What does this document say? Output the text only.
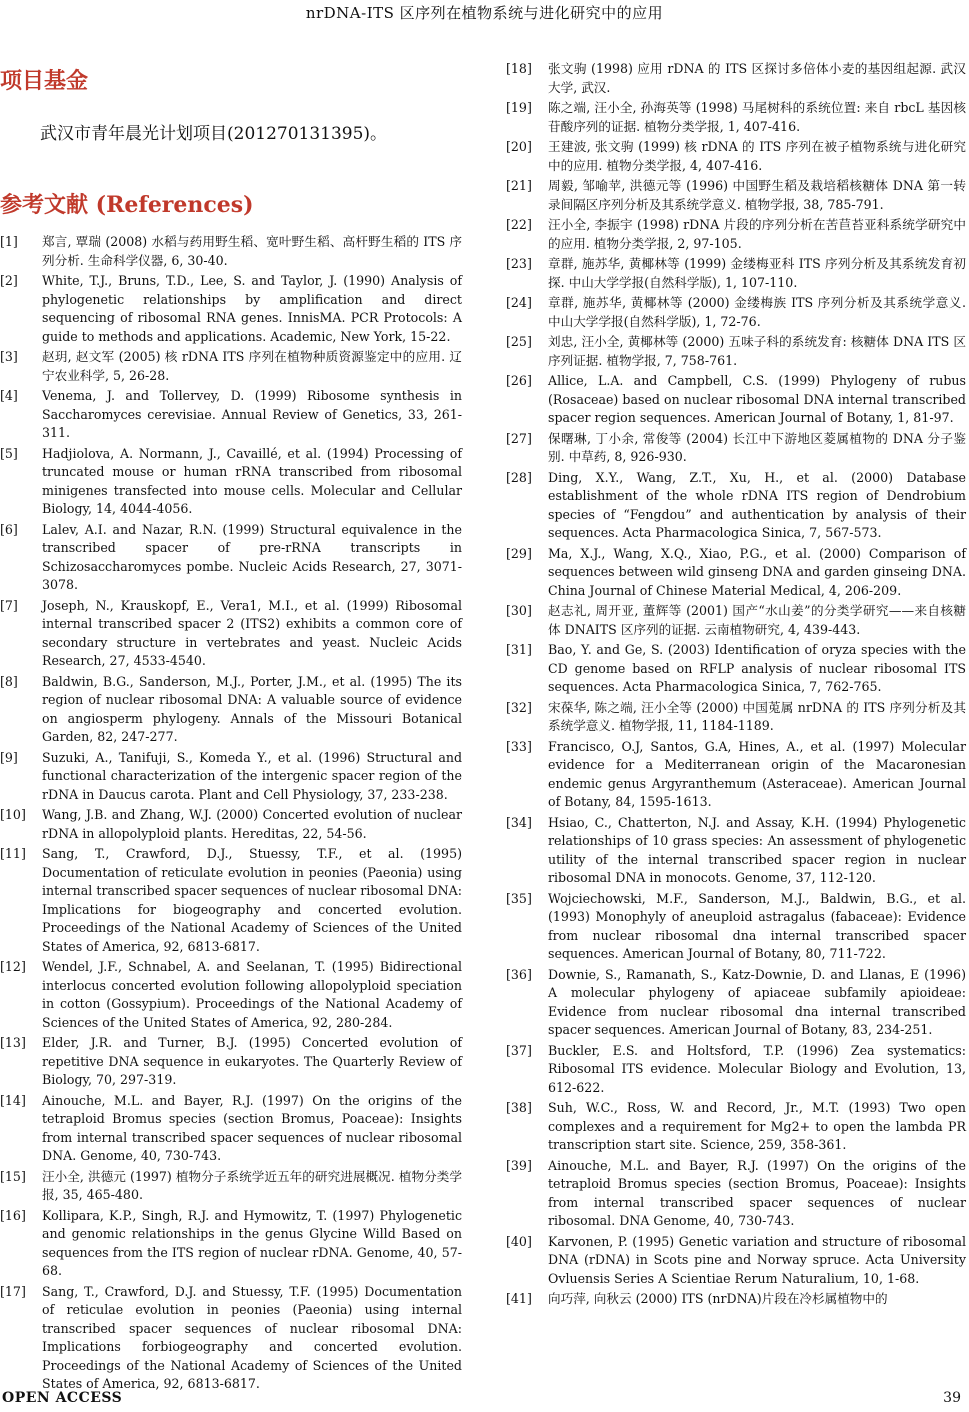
nrDNA-ITS 区序列在植物系统与进化研究中的应用
项目基金

武汉市青年晨光计划项目(201270131395)。

参考文献 (References)
[1]	郑言, 覃瑞 (2008) 水稻与药用野生稻、宽叶野生稻、高杆野生稻的 ITS 序列分析. 生命科学仪器, 6, 30-40.
[2]	White, T.J., Bruns, T.D., Lee, S. and Taylor, J. (1990) Analysis of phylogenetic relationships by amplification and direct sequencing of ribosomal RNA genes. InnisMA. PCR Protocols: A guide to methods and applications. Academic, New York, 15-22.
[3]	赵玥, 赵文军 (2005) 核 rDNA ITS 序列在植物种质资源鉴定中的应用. 辽宁农业科学, 5, 26-28.
[4]	Venema, J. and Tollervey, D. (1999) Ribosome synthesis in Saccharomyces cerevisiae. Annual Review of Genetics, 33, 261-311.
[5]	Hadjiolova, A. Normann, J., Cavaillé, et al. (1994) Processing of truncated mouse or human rRNA transcribed from ribosomal minigenes transfected into mouse cells. Molecular and Cellular Biology, 14, 4044-4056.
[6]	Lalev, A.I. and Nazar, R.N. (1999) Structural equivalence in the transcribed spacer of pre-rRNA transcripts in Schizosaccharomyces pombe. Nucleic Acids Research, 27, 3071-3078.
[7]	Joseph, N., Krauskopf, E., Vera1, M.I., et al. (1999) Ribosomal internal transcribed spacer 2 (ITS2) exhibits a common core of secondary structure in vertebrates and yeast. Nucleic Acids Research, 27, 4533-4540.
[8]	Baldwin, B.G., Sanderson, M.J., Porter, J.M., et al. (1995) The its region of nuclear ribosomal DNA: A valuable source of evidence on angiosperm phylogeny. Annals of the Missouri Botanical Garden, 82, 247-277.
[9]	Suzuki, A., Tanifuji, S., Komeda Y., et al. (1996) Structural and functional characterization of the intergenic spacer region of the rDNA in Daucus carota. Plant and Cell Physiology, 37, 233-238.
[10]	Wang, J.B. and Zhang, W.J. (2000) Concerted evolution of nuclear rDNA in allopolyploid plants. Hereditas, 22, 54-56.
[11]	Sang, T., Crawford, D.J., Stuessy, T.F., et al. (1995) Documentation of reticulate evolution in peonies (Paeonia) using internal transcribed spacer sequences of nuclear ribosomal DNA: Implications for biogeography and concerted evolution. Proceedings of the National Academy of Sciences of the United States of America, 92, 6813-6817.
[12]	Wendel, J.F., Schnabel, A. and Seelanan, T. (1995) Bidirectional interlocus concerted evolution following allopolyploid speciation in cotton (Gossypium). Proceedings of the National Academy of Sciences of the United States of America, 92, 280-284.
[13]	Elder, J.R. and Turner, B.J. (1995) Concerted evolution of repetitive DNA sequence in eukaryotes. The Quarterly Review of Biology, 70, 297-319.
[14]	Ainouche, M.L. and Bayer, R.J. (1997) On the origins of the tetraploid Bromus species (section Bromus, Poaceae): Insights from internal transcribed spacer sequences of nuclear ribosomal DNA. Genome, 40, 730-743.
[15]	汪小全, 洪德元 (1997) 植物分子系统学近五年的研究进展概况. 植物分类学报, 35, 465-480.
[16]	Kollipara, K.P., Singh, R.J. and Hymowitz, T. (1997) Phylogenetic and genomic relationships in the genus Glycine Willd Based on sequences from the ITS region of nuclear rDNA. Genome, 40, 57-68.
[17]	Sang, T., Crawford, D.J. and Stuessy, T.F. (1995) Documentation of reticulae evolution in peonies (Paeonia) using internal transcribed spacer sequences of nuclear ribosomal DNA: Implications forbiogeography and concerted evolution. Proceedings of the National Academy of Sciences of the United States of America, 92, 6813-6817.
[18]	张文驹 (1998) 应用 rDNA 的 ITS 区探讨多倍体小麦的基因组起源. 武汉大学, 武汉.
[19]	陈之端, 汪小全, 孙海英等 (1998) 马尾树科的系统位置: 来自 rbcL 基因核苷酸序列的证据. 植物分类学报, 1, 407-416.
[20]	王建波, 张文驹 (1999) 核 rDNA 的 ITS 序列在被子植物系统与进化研究中的应用. 植物分类学报, 4, 407-416.
[21]	周毅, 邹喻苹, 洪德元等 (1996) 中国野生稻及栽培稻核糖体 DNA 第一转录间隔区序列分析及其系统学意义. 植物学报, 38, 785-791.
[22]	汪小全, 李振宇 (1998) rDNA 片段的序列分析在苦苣苔亚科系统学研究中的应用. 植物分类学报, 2, 97-105.
[23]	章群, 施苏华, 黄椰林等 (1999) 金缕梅亚科 ITS 序列分析及其系统发育初探. 中山大学学报(自然科学版), 1, 107-110.
[24]	章群, 施苏华, 黄椰林等 (2000) 金缕梅族 ITS 序列分析及其系统学意义. 中山大学学报(自然科学版), 1, 72-76.
[25]	刘忠, 汪小全, 黄椰林等 (2000) 五味子科的系统发育: 核糖体 DNA ITS 区序列证据. 植物学报, 7, 758-761.
[26]	Allice, L.A. and Campbell, C.S. (1999) Phylogeny of rubus (Rosaceae) based on nuclear ribosomal DNA internal transcribed spacer region sequences. American Journal of Botany, 1, 81-97.
[27]	保曙琳, 丁小余, 常俊等 (2004) 长江中下游地区菱属植物的 DNA 分子鉴别. 中草药, 8, 926-930.
[28]	Ding, X.Y., Wang, Z.T., Xu, H., et al. (2000) Database establishment of the whole rDNA ITS region of Dendrobium species of “Fengdou” and authentication by analysis of their sequences. Acta Pharmacologica Sinica, 7, 567-573.
[29]	Ma, X.J., Wang, X.Q., Xiao, P.G., et al. (2000) Comparison of sequences between wild ginseng DNA and garden ginseing DNA. China Journal of Chinese Material Medical, 4, 206-209.
[30]	赵志礼, 周开亚, 董辉等 (2001) 国产“水山姜”的分类学研究——来自核糖体 DNAITS 区序列的证据. 云南植物研究, 4, 439-443.
[31]	Bao, Y. and Ge, S. (2003) Identification of oryza species with the CD genome based on RFLP analysis of nuclear ribosomal ITS sequences. Acta Pharmacologica Sinica, 7, 762-765.
[32]	宋葆华, 陈之端, 汪小全等 (2000) 中国莵属 nrDNA 的 ITS 序列分析及其系统学意义. 植物学报, 11, 1184-1189.
[33]	Francisco, O.J, Santos, G.A, Hines, A., et al. (1997) Molecular evidence for a Mediterranean origin of the Macaronesian endemic genus Argyranthemum (Asteraceae). American Journal of Botany, 84, 1595-1613.
[34]	Hsiao, C., Chatterton, N.J. and Assay, K.H. (1994) Phylogenetic relationships of 10 grass species: An assessment of phylogenetic utility of the internal transcribed spacer region in nuclear ribosomal DNA in monocots. Genome, 37, 112-120.
[35]	Wojciechowski, M.F., Sanderson, M.J., Baldwin, B.G., et al. (1993) Monophyly of aneuploid astragalus (fabaceae): Evidence from nuclear ribosomal dna internal transcribed spacer sequences. American Journal of Botany, 80, 711-722.
[36]	Downie, S., Ramanath, S., Katz-Downie, D. and Llanas, E (1996) A molecular phylogeny of apiaceae subfamily apioideae: Evidence from nuclear ribosomal dna internal transcribed spacer sequences. American Journal of Botany, 83, 234-251.
[37]	Buckler, E.S. and Holtsford, T.P. (1996) Zea systematics: Ribosomal ITS evidence. Molecular Biology and Evolution, 13, 612-622.
[38]	Suh, W.C., Ross, W. and Record, Jr., M.T. (1993) Two open complexes and a requirement for Mg2+ to open the lambda PR transcription start site. Science, 259, 358-361.
[39]	Ainouche, M.L. and Bayer, R.J. (1997) On the origins of the tetraploid Bromus species (section Bromus, Poaceae): Insights from internal transcribed spacer sequences of nuclear ribosomal. DNA Genome, 40, 730-743.
[40]	Karvonen, P. (1995) Genetic variation and structure of ribosomal DNA (rDNA) in Scots pine and Norway spruce. Acta University Ovluensis Series A Scientiae Rerum Naturalium, 10, 1-68.
[41]	向巧萍, 向秋云 (2000) ITS (nrDNA)片段在冷杉属植物中的
OPEN ACCESS	39
